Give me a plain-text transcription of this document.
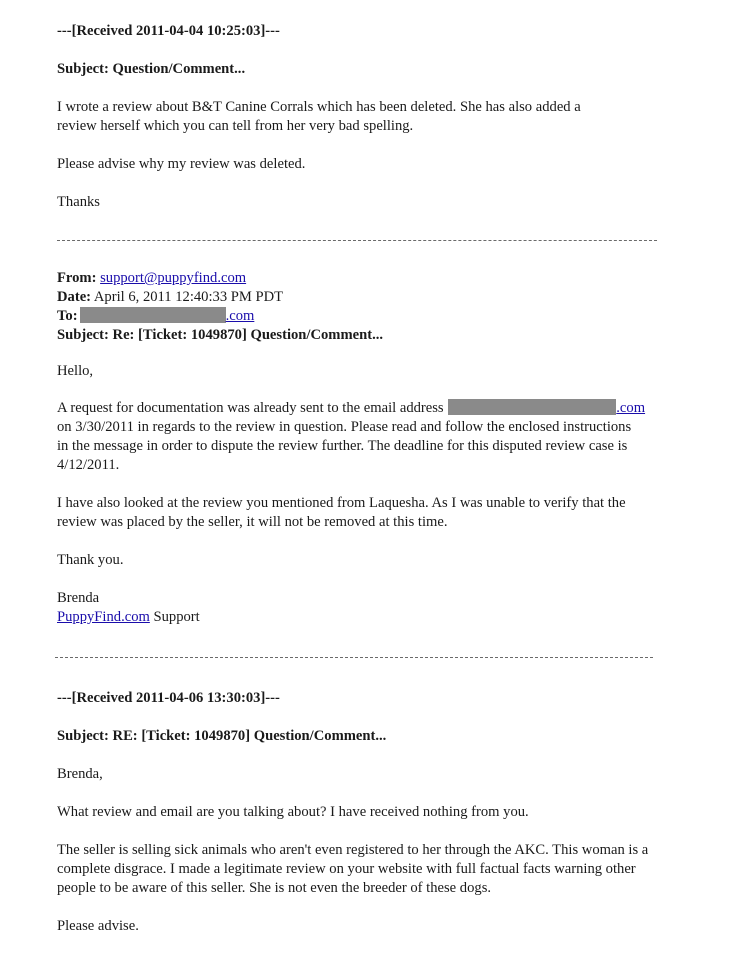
---[Received 2011-04-04 10:25:03]---
Subject: Question/Comment...
I wrote a review about B&T Canine Corrals which has been deleted. She has also added a
review herself which you can tell from her very bad spelling.
Please advise why my review was deleted.
Thanks
From: support@puppyfind.com
Date: April 6, 2011 12:40:33 PM PDT
To:	.com
Subject: Re: [Ticket: 1049870] Question/Comment...
Hello,
A request for documentation was already sent to the email address	.com
on 3/30/2011 in regards to the review in question. Please read and follow the enclosed instructions
in the message in order to dispute the review further. The deadline for this disputed review case is
4/12/2011.
I have also looked at the review you mentioned from Laquesha. As I was unable to verify that the
review was placed by the seller, it will not be removed at this time.
Thank you.
Brenda
PuppyFind.com Support
---[Received 2011-04-06 13:30:03]---
Subject: RE: [Ticket: 1049870] Question/Comment...
Brenda,
What review and email are you talking about? I have received nothing from you.
The seller is selling sick animals who aren't even registered to her through the AKC. This woman is a
complete disgrace. I made a legitimate review on your website with full factual facts warning other
people to be aware of this seller. She is not even the breeder of these dogs.
Please advise.
